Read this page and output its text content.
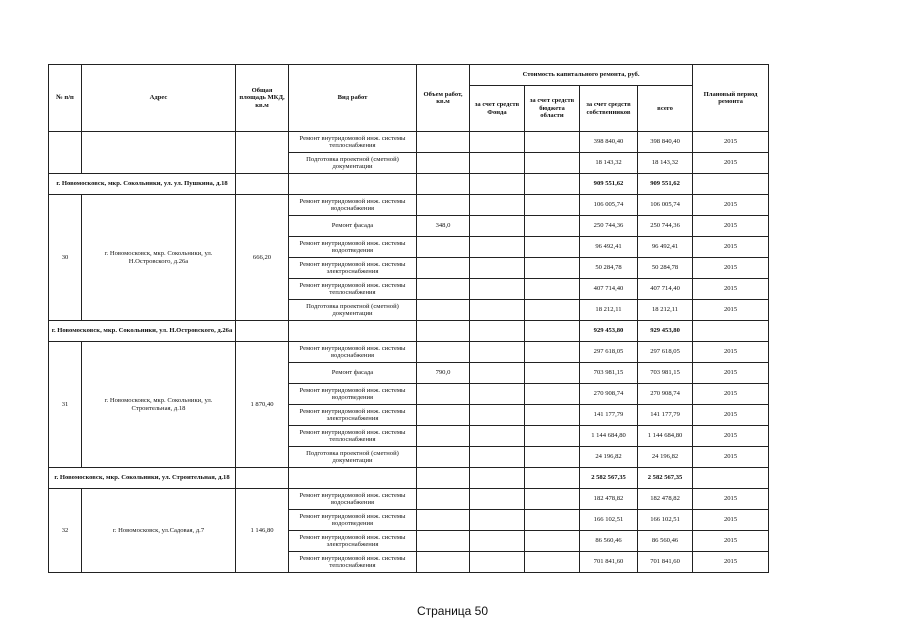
№ п/п	Адрес	Общая площадь МКД, кв.м	Вид работ	Объем работ, кв.м	Стоимость капитального ремонта, руб.				Плановый период ремонта
					за счет средств Фонда	за счет средств бюджета области	за счет средств собственников	всего	
			Ремонт внутридомовой инж. системы теплоснабжения				398 840,40	398 840,40	2015
			Подготовка проектной (сметной) документации				18 143,32	18 143,32	2015
г. Новомосковск, мкр. Сокольники, ул. ул. Пушкина, д.18							909 551,62	909 551,62	
30	г. Новомосковск, мкр. Сокольники, ул. Н.Островского, д.26а	666,20	Ремонт внутридомовой инж. системы водоснабжения				106 005,74	106 005,74	2015
			Ремонт фасада	348,0			250 744,36	250 744,36	2015
			Ремонт внутридомовой инж. системы водоотведения				96 492,41	96 492,41	2015
			Ремонт внутридомовой инж. системы электроснабжения				50 284,78	50 284,78	2015
			Ремонт внутридомовой инж. системы теплоснабжения				407 714,40	407 714,40	2015
			Подготовка проектной (сметной) документации				18 212,11	18 212,11	2015
г. Новомосковск, мкр. Сокольники, ул. Н.Островского, д.26а							929 453,80	929 453,80	
31	г. Новомосковск, мкр. Сокольники, ул. Строительная, д.18	1 870,40	Ремонт внутридомовой инж. системы водоснабжения				297 618,05	297 618,05	2015
			Ремонт фасада	790,0			703 981,15	703 981,15	2015
			Ремонт внутридомовой инж. системы водоотведения				270 908,74	270 908,74	2015
			Ремонт внутридомовой инж. системы электроснабжения				141 177,79	141 177,79	2015
			Ремонт внутридомовой инж. системы теплоснабжения				1 144 684,80	1 144 684,80	2015
			Подготовка проектной (сметной) документации				24 196,82	24 196,82	2015
г. Новомосковск, мкр. Сокольники, ул. Строительная, д.18							2 582 567,35	2 582 567,35	
32	г. Новомосковск, ул.Садовая, д.7	1 146,80	Ремонт внутридомовой инж. системы водоснабжения				182 478,82	182 478,82	2015
			Ремонт внутридомовой инж. системы водоотведения				166 102,51	166 102,51	2015
			Ремонт внутридомовой инж. системы электроснабжения				86 560,46	86 560,46	2015
			Ремонт внутридомовой инж. системы теплоснабжения				701 841,60	701 841,60	2015
Страница 50
